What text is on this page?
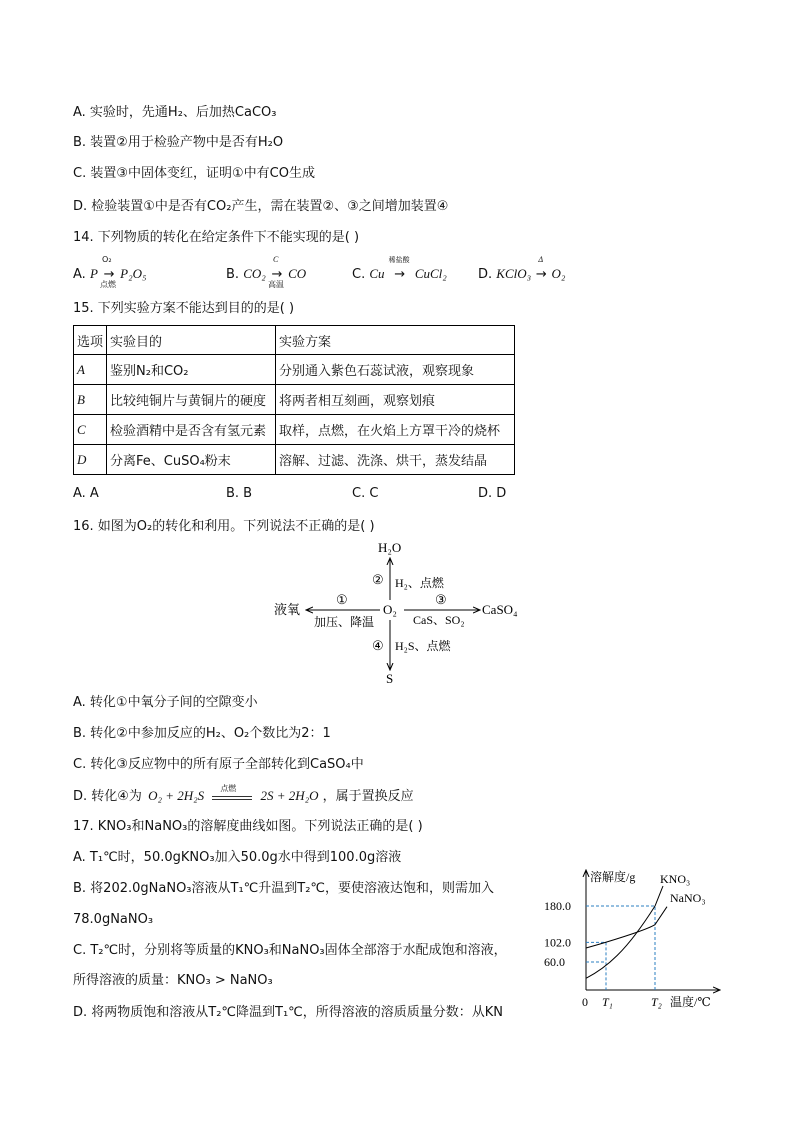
A. 实验时，先通H₂、后加热CaCO₃
B. 装置②用于检验产物中是否有H₂O
C. 装置③中固体变红，证明①中有CO生成
D. 检验装置①中是否有CO₂产生，需在装置②、③之间增加装置④
14. 下列物质的转化在给定条件下不能实现的是( )
A. P
O₂
→
点燃
P₂O₅	B. CO₂
C
→
高温
CO	C. Cu
稀盐酸
→ CuCl₂ D. KClO₃
Δ
→ O₂
15. 下列实验方案不能达到目的的是( )
选项	实验目的	实验方案
A	鉴别N₂和CO₂	分别通入紫色石蕊试液，观察现象
B	比较纯铜片与黄铜片的硬度	将两者相互刻画，观察划痕
C	检验酒精中是否含有氢元素	取样，点燃，在火焰上方罩干冷的烧杯
D	分离Fe、CuSO₄粉末	溶解、过滤、洗涤、烘干，蒸发结晶
A. A	B. B	C. C	D. D
16. 如图为O₂的转化和利用。下列说法不正确的是( )
H₂O
② H₂、点燃
液氧
①
加压、降温
O₂	CaSO₄
③
CaS、SO₂
④ H₂S、点燃
S
A. 转化①中氧分子间的空隙变小
B. 转化②中参加反应的H₂、O₂个数比为2：1
C. 转化③反应物中的所有原子全部转化到CaSO₄中
D. 转化④为 O₂ + 2H₂S 点燃 2S + 2H₂O ，属于置换反应
17. KNO₃和NaNO₃的溶解度曲线如图。下列说法正确的是( )
A. T₁℃时，50.0gKNO₃加入50.0g水中得到100.0g溶液
B. 将202.0gNaNO₃溶液从T₁℃升温到T₂℃，要使溶液达饱和，则需加入
78.0gNaNO₃
C. T₂℃时，分别将等质量的KNO₃和NaNO₃固体全部溶于水配成饱和溶液，
所得溶液的质量：KNO₃ > NaNO₃
D. 将两物质饱和溶液从T₂℃降温到T₁℃，所得溶液的溶质质量分数：从KN
溶解度/g
温度/℃
60.0
102.0
180.0
0 T₁	T₂
KNO₃
NaNO₃
